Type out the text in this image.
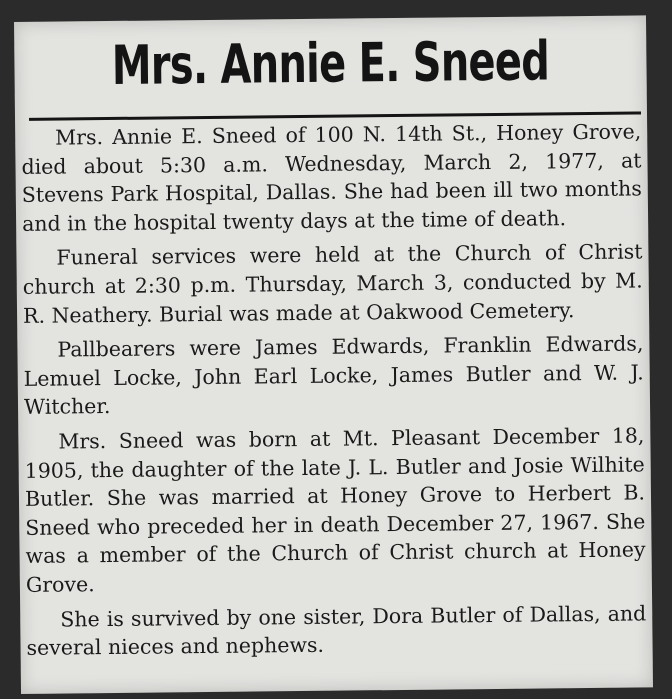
Mrs. Annie E. Sneed

Mrs. Annie E. Sneed of 100 N. 14th St., Honey Grove, died about 5:30 a.m. Wednesday, March 2, 1977, at Stevens Park Hospital, Dallas. She had been ill two months and in the hospital twenty days at the time of death.

Funeral services were held at the Church of Christ church at 2:30 p.m. Thursday, March 3, conducted by M. R. Neathery. Burial was made at Oakwood Cemetery.

Pallbearers were James Edwards, Franklin Edwards, Lemuel Locke, John Earl Locke, James Butler and W. J. Witcher.

Mrs. Sneed was born at Mt. Pleasant December 18, 1905, the daughter of the late J. L. Butler and Josie Wilhite Butler. She was married at Honey Grove to Herbert B. Sneed who preceded her in death December 27, 1967. She was a member of the Church of Christ church at Honey Grove.

She is survived by one sister, Dora Butler of Dallas, and several nieces and nephews.
